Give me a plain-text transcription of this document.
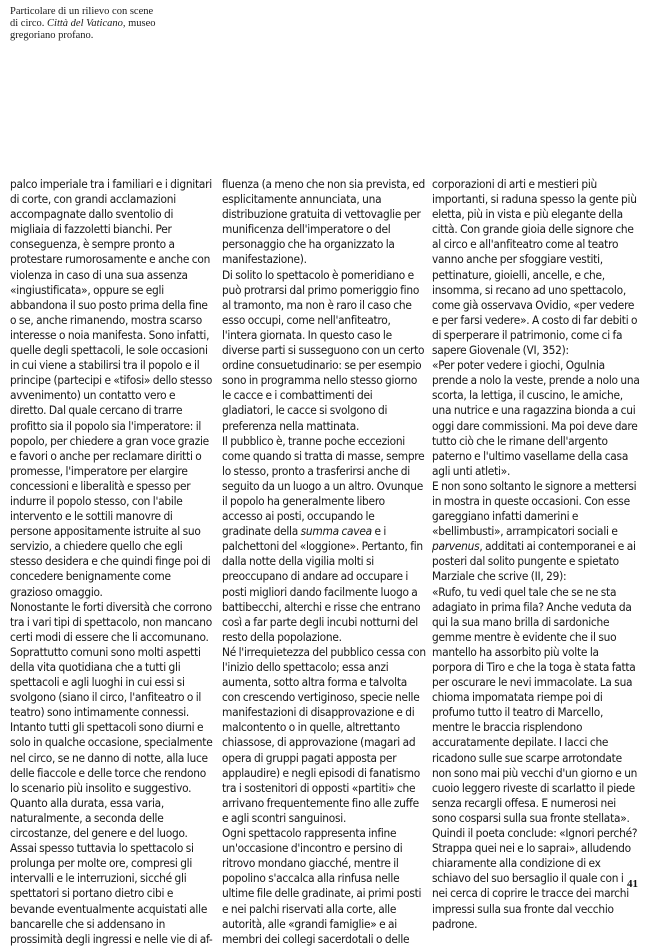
Particolare di un rilievo con scene

di circo. Città del Vaticano, museo

gregoriano profano.

palco imperiale tra i familiari e i dignitari di corte, con grandi acclamazioni accompagnate dallo sventolio di migliaia di fazzoletti bianchi. Per conseguenza, è sempre pronto a protestare rumorosamente e anche con violenza in caso di una sua assenza «ingiustificata», oppure se egli abbandona il suo posto prima della fine o se, anche rimanendo, mostra scarso interesse o noia manifesta. Sono infatti, quelle degli spettacoli, le sole occasioni in cui viene a stabilirsi tra il popolo e il principe (partecipi e «tifosi» dello stesso avvenimento) un contatto vero e diretto. Dal quale cercano di trarre profitto sia il popolo sia l'imperatore: il popolo, per chiedere a gran voce grazie e favori o anche per reclamare diritti o promesse, l'imperatore per elargire concessioni e liberalità e spesso per indurre il popolo stesso, con l'abile intervento e le sottili manovre di persone appositamente istruite al suo servizio, a chiedere quello che egli stesso desidera e che quindi finge poi di concedere benignamente come grazioso omaggio.

Nonostante le forti diversità che corrono tra i vari tipi di spettacolo, non mancano certi modi di essere che li accomunano. Soprattutto comuni sono molti aspetti della vita quotidiana che a tutti gli spettacoli e agli luoghi in cui essi si svolgono (siano il circo, l'anfiteatro o il teatro) sono intimamente connessi.

Intanto tutti gli spettacoli sono diurni e solo in qualche occasione, specialmente nel circo, se ne danno di notte, alla luce delle fiaccole e delle torce che rendono lo scenario più insolito e suggestivo. Quanto alla durata, essa varia, naturalmente, a seconda delle circostanze, del genere e del luogo.

Assai spesso tuttavia lo spettacolo si prolunga per molte ore, compresi gli intervalli e le interruzioni, sicché gli spettatori si portano dietro cibi e bevande eventualmente acquistati alle bancarelle che si addensano in prossimità degli ingressi e nelle vie di af-

fluenza (a meno che non sia prevista, ed esplicitamente annunciata, una distribuzione gratuita di vettovaglie per munificenza dell'imperatore o del personaggio che ha organizzato la manifestazione).

Di solito lo spettacolo è pomeridiano e può protrarsi dal primo pomeriggio fino al tramonto, ma non è raro il caso che esso occupi, come nell'anfiteatro, l'intera giornata. In questo caso le diverse parti si susseguono con un certo ordine consuetudinario: se per esempio sono in programma nello stesso giorno le cacce e i combattimenti dei gladiatori, le cacce si svolgono di preferenza nella mattinata.

Il pubblico è, tranne poche eccezioni come quando si tratta di masse, sempre lo stesso, pronto a trasferirsi anche di seguito da un luogo a un altro. Ovunque il popolo ha generalmente libero accesso ai posti, occupando le gradinate della summa cavea e i palchettoni del «loggione». Pertanto, fin dalla notte della vigilia molti si preoccupano di andare ad occupare i posti migliori dando facilmente luogo a battibecchi, alterchi e risse che entrano così a far parte degli incubi notturni del resto della popolazione.

Né l'irrequietezza del pubblico cessa con l'inizio dello spettacolo; essa anzi aumenta, sotto altra forma e talvolta con crescendo vertiginoso, specie nelle manifestazioni di disapprovazione e di malcontento o in quelle, altrettanto chiassose, di approvazione (magari ad opera di gruppi pagati apposta per applaudire) e negli episodi di fanatismo tra i sostenitori di opposti «partiti» che arrivano frequentemente fino alle zuffe e agli scontri sanguinosi.

Ogni spettacolo rappresenta infine un'occasione d'incontro e persino di ritrovo mondano giacché, mentre il popolino s'accalca alla rinfusa nelle ultime file delle gradinate, ai primi posti e nei palchi riservati alla corte, alle autorità, alle «grandi famiglie» e ai membri dei collegi sacerdotali o delle

corporazioni di arti e mestieri più importanti, si raduna spesso la gente più eletta, più in vista e più elegante della città. Con grande gioia delle signore che al circo e all'anfiteatro come al teatro vanno anche per sfoggiare vestiti, pettinature, gioielli, ancelle, e che, insomma, si recano ad uno spettacolo, come già osservava Ovidio, «per vedere e per farsi vedere». A costo di far debiti o di sperperare il patrimonio, come ci fa sapere Giovenale (VI, 352):

«Per poter vedere i giochi, Ogulnia prende a nolo la veste, prende a nolo una scorta, la lettiga, il cuscino, le amiche, una nutrice e una ragazzina bionda a cui oggi dare commissioni. Ma poi deve dare tutto ciò che le rimane dell'argento paterno e l'ultimo vasellame della casa agli unti atleti».

E non sono soltanto le signore a mettersi in mostra in queste occasioni. Con esse gareggiano infatti damerini e «bellimbusti», arrampicatori sociali e parvenus, additati ai contemporanei e ai posteri dal solito pungente e spietato Marziale che scrive (II, 29):

«Rufo, tu vedi quel tale che se ne sta adagiato in prima fila? Anche veduta da qui la sua mano brilla di sardoniche gemme mentre è evidente che il suo mantello ha assorbito più volte la porpora di Tiro e che la toga è stata fatta per oscurare le nevi immacolate. La sua chioma impomatata riempe poi di profumo tutto il teatro di Marcello, mentre le braccia risplendono accuratamente depilate. I lacci che ricadono sulle sue scarpe arrotondate non sono mai più vecchi d'un giorno e un cuoio leggero riveste di scarlatto il piede senza recargli offesa. E numerosi nei sono cosparsi sulla sua fronte stellata».

Quindi il poeta conclude: «Ignori perché? Strappa quei nei e lo saprai», alludendo chiaramente alla condizione di ex schiavo del suo bersaglio il quale con i nei cerca di coprire le tracce dei marchi impressi sulla sua fronte dal vecchio padrone.

41
